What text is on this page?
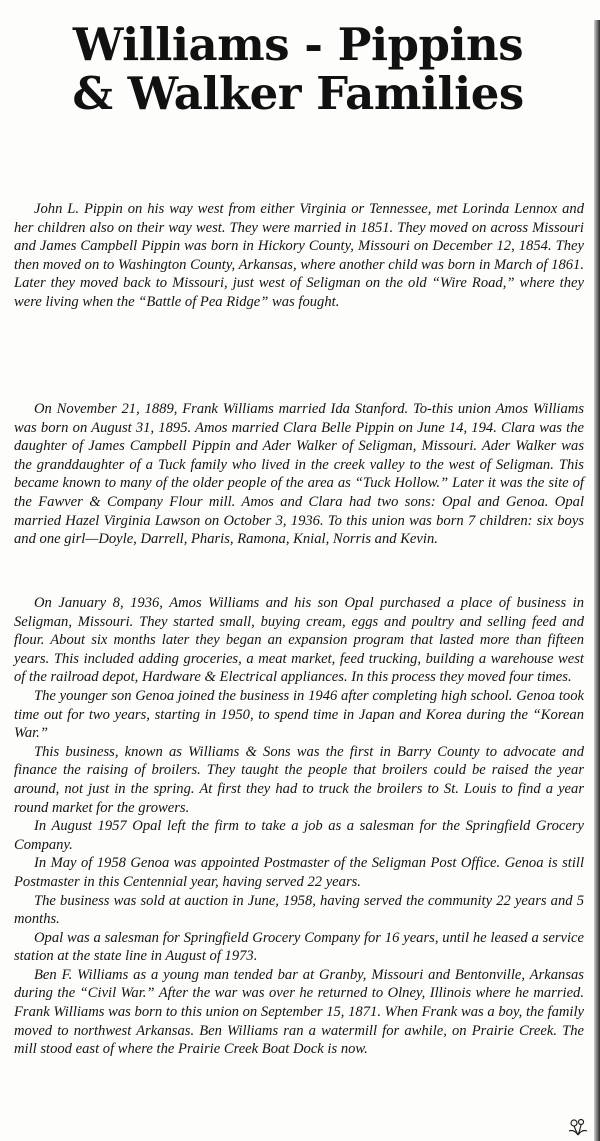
Williams - Pippins
& Walker Families

John L. Pippin on his way west from either Virginia or Tennessee, met Lorinda Lennox and her children also on their way west. They were married in 1851. They moved on across Missouri and James Campbell Pippin was born in Hickory County, Missouri on December 12, 1854. They then moved on to Washington County, Arkansas, where another child was born in March of 1861. Later they moved back to Missouri, just west of Seligman on the old “Wire Road,” where they were living when the “Battle of Pea Ridge” was fought.

On November 21, 1889, Frank Williams married Ida Stanford. To-this union Amos Williams was born on August 31, 1895. Amos married Clara Belle Pippin on June 14, 194. Clara was the daughter of James Campbell Pippin and Ader Walker of Seligman, Missouri. Ader Walker was the granddaughter of a Tuck family who lived in the creek valley to the west of Seligman. This became known to many of the older people of the area as “Tuck Hollow.” Later it was the site of the Fawver & Company Flour mill. Amos and Clara had two sons: Opal and Genoa. Opal married Hazel Virginia Lawson on October 3, 1936. To this union was born 7 children: six boys and one girl—Doyle, Darrell, Pharis, Ramona, Knial, Norris and Kevin.

On January 8, 1936, Amos Williams and his son Opal purchased a place of business in Seligman, Missouri. They started small, buying cream, eggs and poultry and selling feed and flour. About six months later they began an expansion program that lasted more than fifteen years. This included adding groceries, a meat market, feed trucking, building a warehouse west of the railroad depot, Hardware & Electrical appliances. In this process they moved four times.

The younger son Genoa joined the business in 1946 after completing high school. Genoa took time out for two years, starting in 1950, to spend time in Japan and Korea during the “Korean War.”

This business, known as Williams & Sons was the first in Barry County to advocate and finance the raising of broilers. They taught the people that broilers could be raised the year around, not just in the spring. At first they had to truck the broilers to St. Louis to find a year round market for the growers.

In August 1957 Opal left the firm to take a job as a salesman for the Springfield Grocery Company.

In May of 1958 Genoa was appointed Postmaster of the Seligman Post Office. Genoa is still Postmaster in this Centennial year, having served 22 years.

The business was sold at auction in June, 1958, having served the community 22 years and 5 months.

Opal was a salesman for Springfield Grocery Company for 16 years, until he leased a service station at the state line in August of 1973.

Ben F. Williams as a young man tended bar at Granby, Missouri and Bentonville, Arkansas during the “Civil War.” After the war was over he returned to Olney, Illinois where he married. Frank Williams was born to this union on September 15, 1871. When Frank was a boy, the family moved to northwest Arkansas. Ben Williams ran a watermill for awhile, on Prairie Creek. The mill stood east of where the Prairie Creek Boat Dock is now.
